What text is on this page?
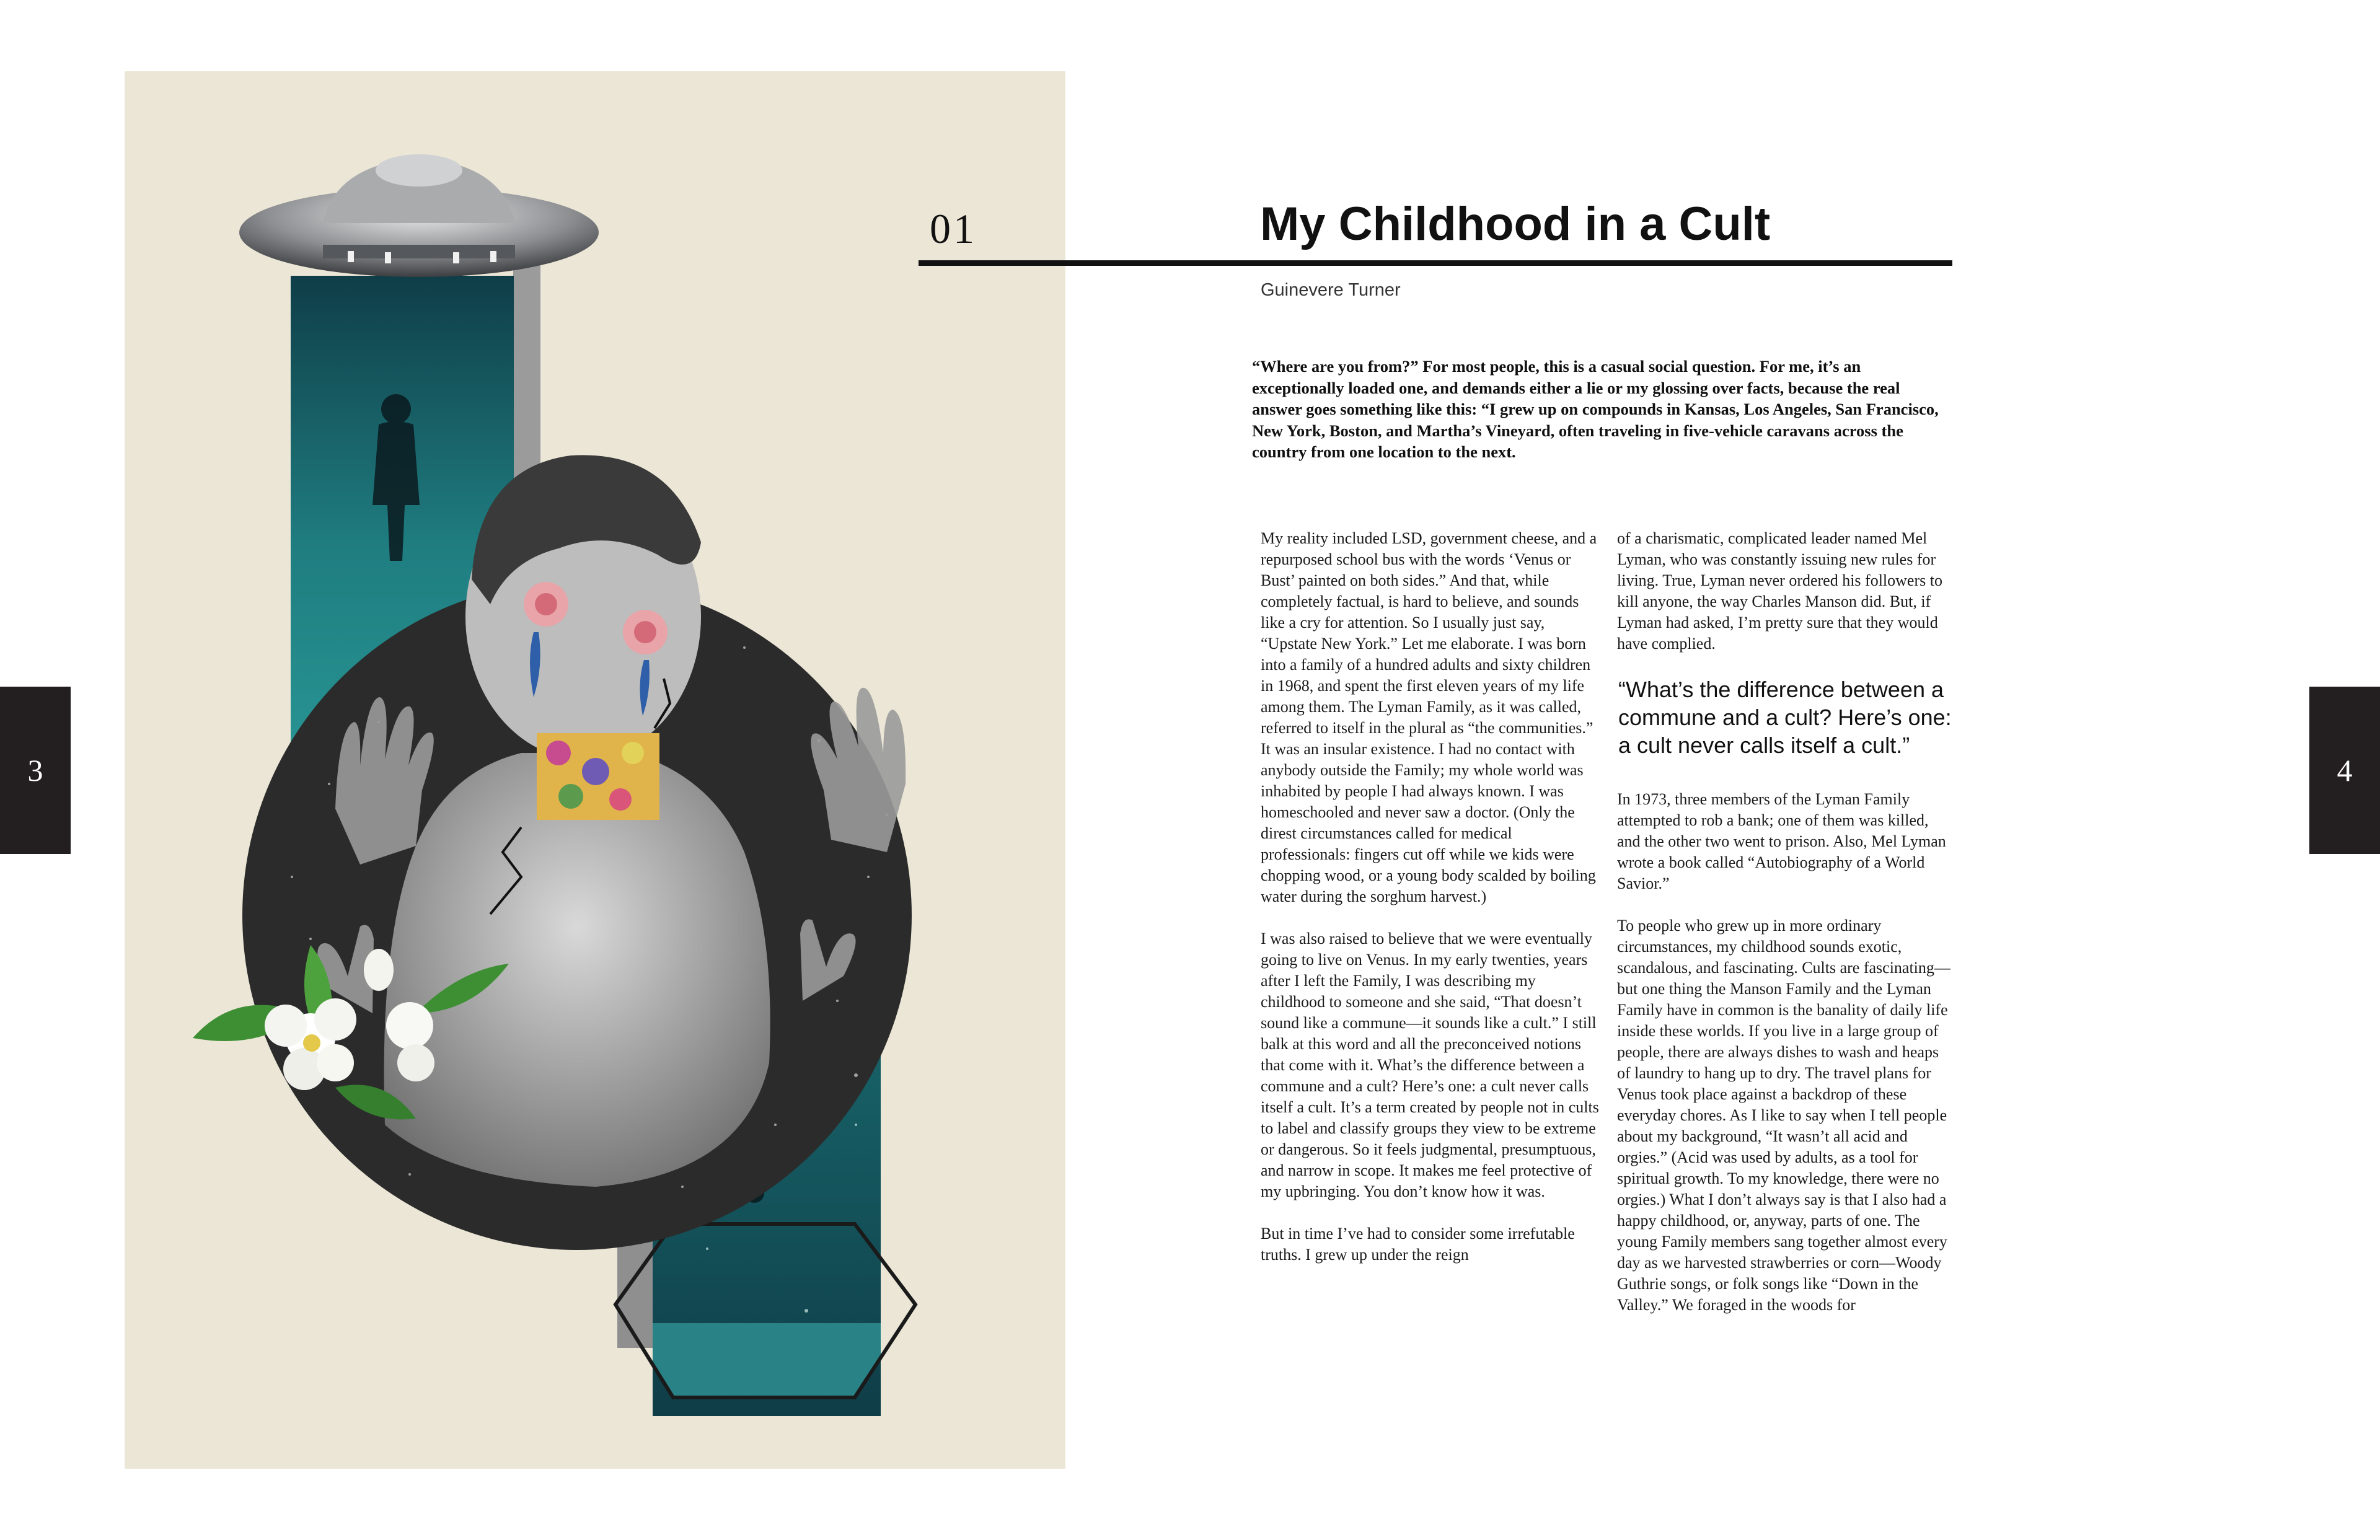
3	4
01	My Childhood in a Cult
Guinevere Turner
“Where are you from?” For most people, this is a casual social question. For me, it’s an exceptionally loaded one, and demands either a lie or my glossing over facts, because the real answer goes something like this: “I grew up on compounds in Kansas, Los Angeles, San Francisco, New York, Boston, and Martha’s Vineyard, often traveling in five-vehicle caravans across the country from one location to the next.

My reality included LSD, government cheese, and a repurposed school bus with the words ‘Venus or Bust’ painted on both sides.” And that, while completely factual, is hard to believe, and sounds like a cry for attention. So I usually just say, “Upstate New York.” Let me elaborate. I was born into a family of a hundred adults and sixty children in 1968, and spent the first eleven years of my life among them. The Lyman Family, as it was called, referred to itself in the plural as “the communities.” It was an insular existence. I had no contact with anybody outside the Family; my whole world was inhabited by people I had always known. I was homeschooled and never saw a doctor. (Only the direst circumstances called for medical professionals: fingers cut off while we kids were chopping wood, or a young body scalded by boiling water during the sorghum harvest.)

I was also raised to believe that we were eventually going to live on Venus. In my early twenties, years after I left the Family, I was describing my childhood to someone and she said, “That doesn’t sound like a commune—it sounds like a cult.” I still balk at this word and all the preconceived notions that come with it. What’s the difference between a commune and a cult? Here’s one: a cult never calls itself a cult. It’s a term created by people not in cults to label and classify groups they view to be extreme or dangerous. So it feels judgmental, presumptuous, and narrow in scope. It makes me feel protective of my upbringing. You don’t know how it was.

But in time I’ve had to consider some irrefutable truths. I grew up under the reign

of a charismatic, complicated leader named Mel Lyman, who was constantly issuing new rules for living. True, Lyman never ordered his followers to kill anyone, the way Charles Manson did. But, if Lyman had asked, I’m pretty sure that they would have complied.

“What’s the difference between a commune and a cult? Here’s one: a cult never calls itself a cult.”

In 1973, three members of the Lyman Family attempted to rob a bank; one of them was killed, and the other two went to prison. Also, Mel Lyman wrote a book called “Autobiography of a World Savior.”

To people who grew up in more ordinary circumstances, my childhood sounds exotic, scandalous, and fascinating. Cults are fascinating—but one thing the Manson Family and the Lyman Family have in common is the banality of daily life inside these worlds. If you live in a large group of people, there are always dishes to wash and heaps of laundry to hang up to dry. The travel plans for Venus took place against a backdrop of these everyday chores. As I like to say when I tell people about my background, “It wasn’t all acid and orgies.” (Acid was used by adults, as a tool for spiritual growth. To my knowledge, there were no orgies.) What I don’t always say is that I also had a happy childhood, or, anyway, parts of one. The young Family members sang together almost every day as we harvested strawberries or corn—Woody Guthrie songs, or folk songs like “Down in the Valley.” We foraged in the woods for
